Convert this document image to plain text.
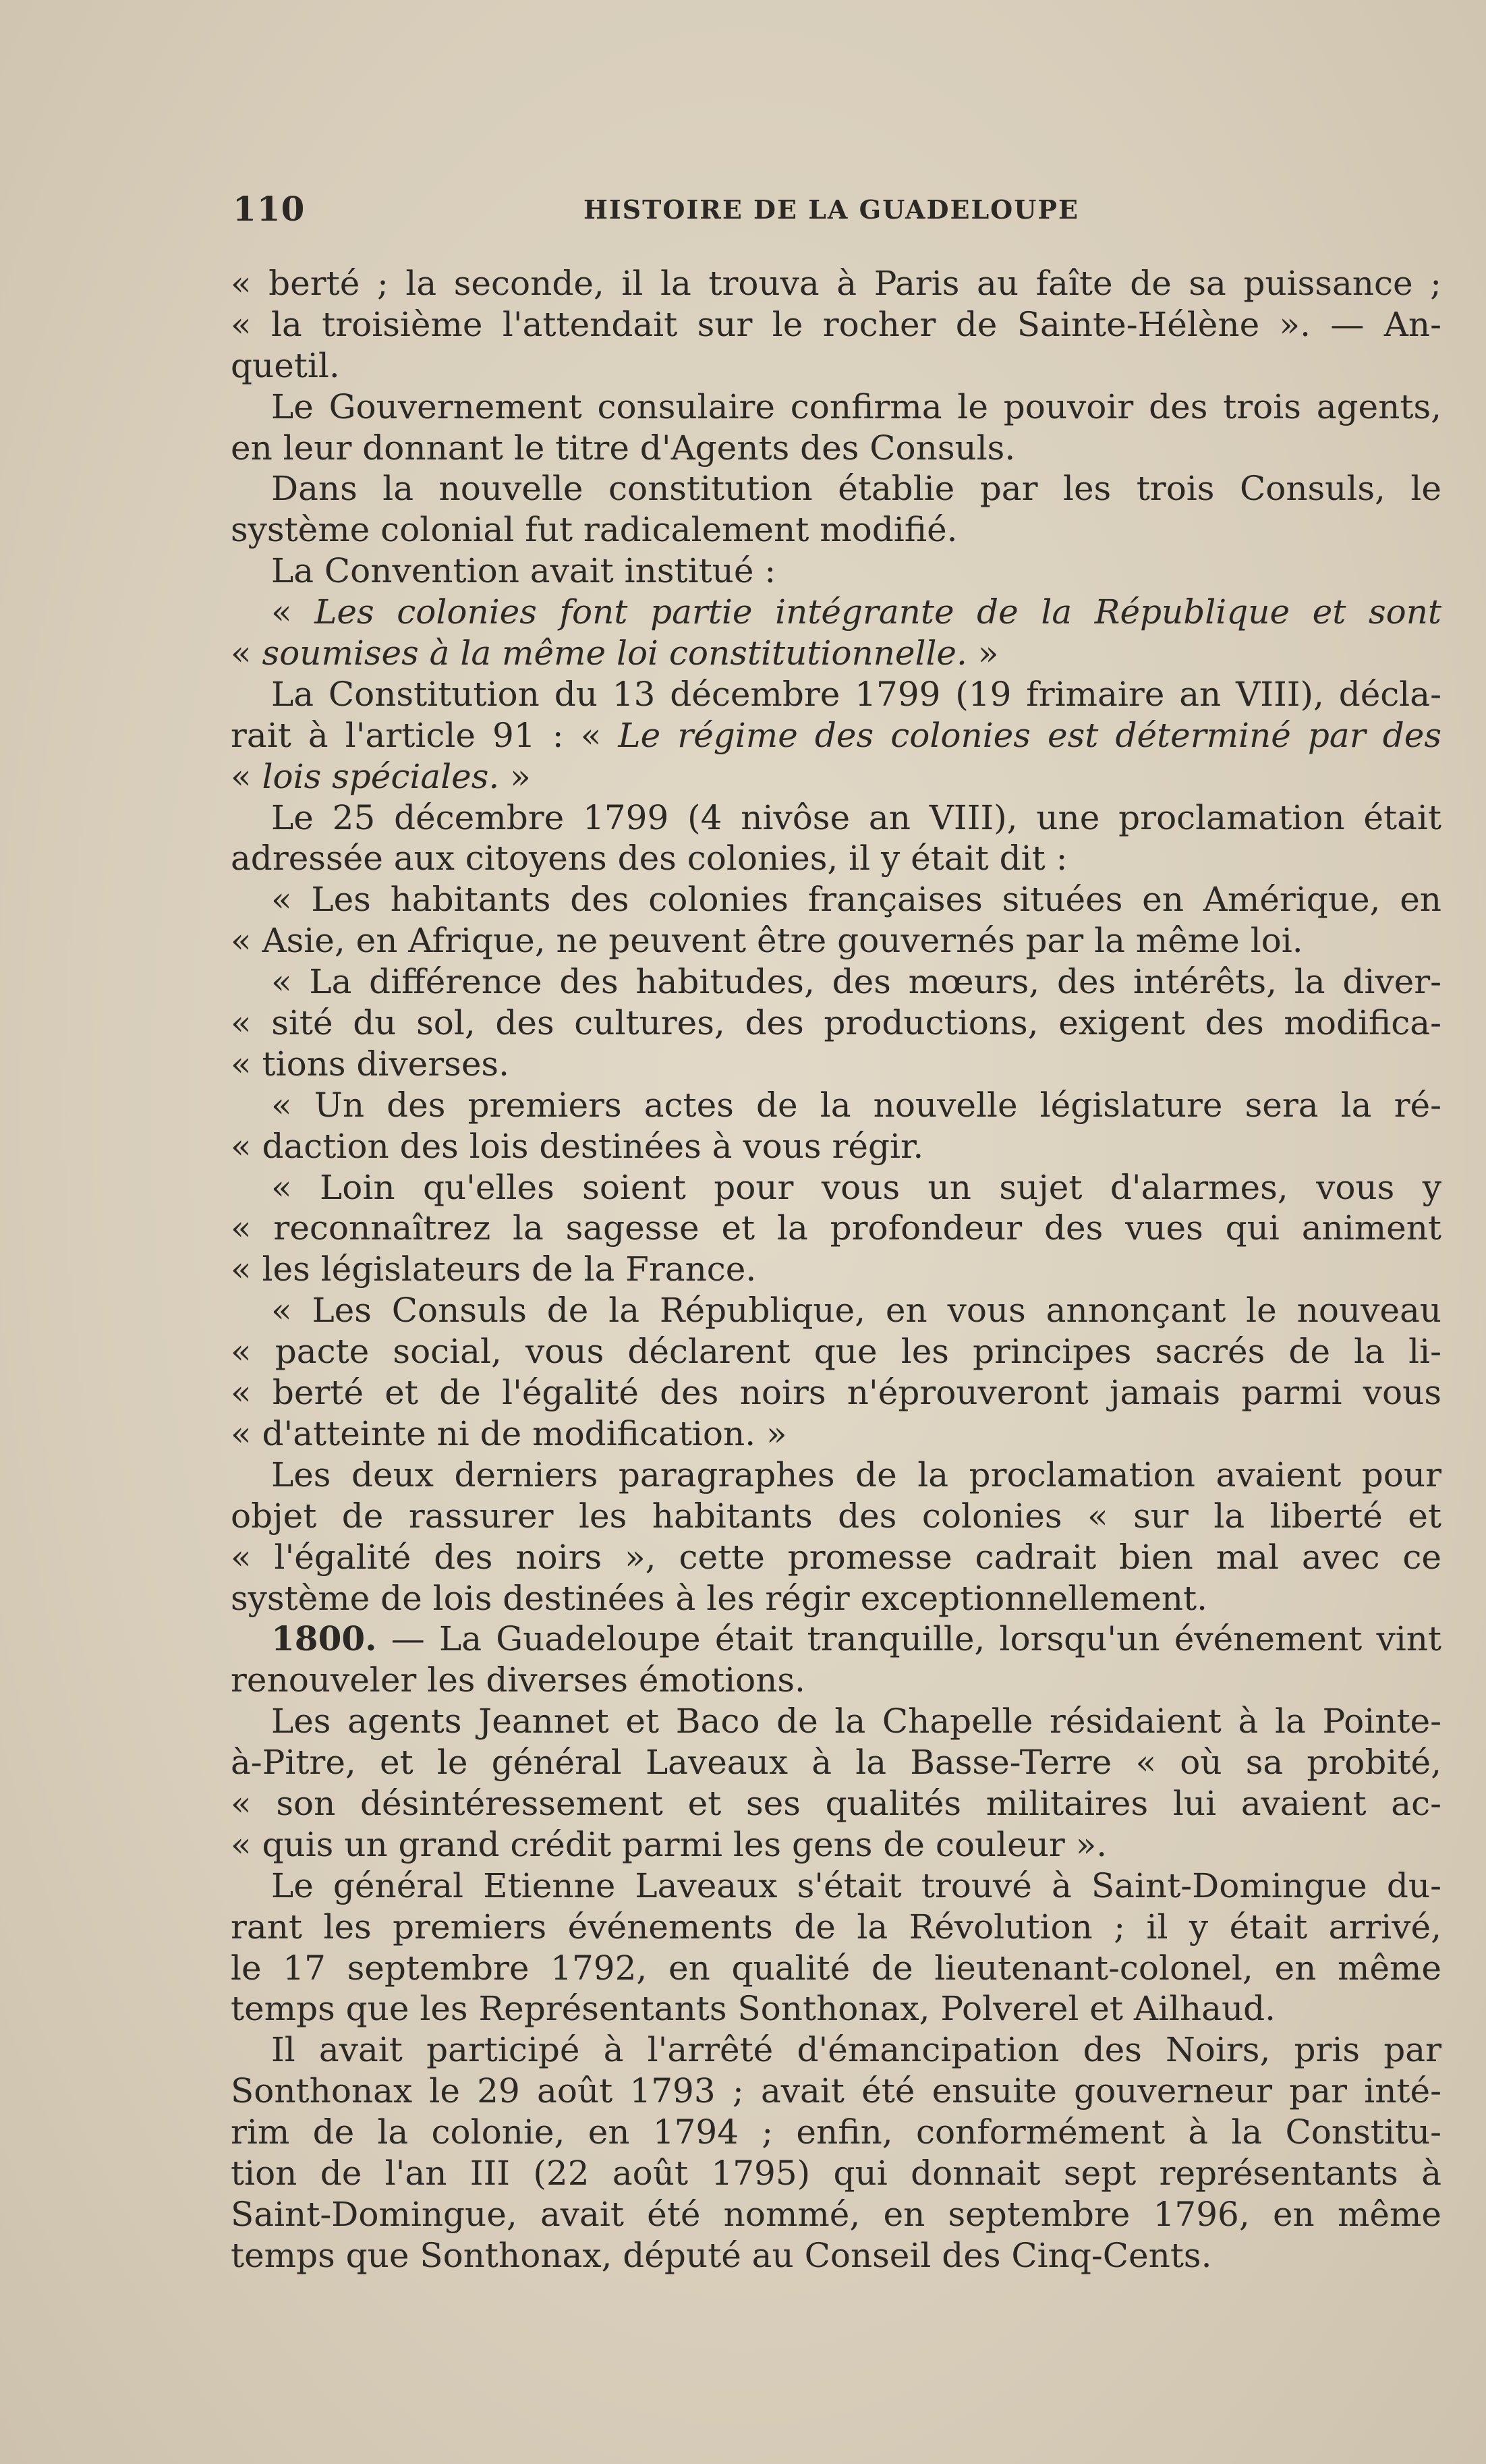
110	HISTOIRE DE LA GUADELOUPE
« berté ; la seconde, il la trouva à Paris au faîte de sa puissance ;
« la troisième l'attendait sur le rocher de Sainte-Hélène ». — An-
quetil.
Le Gouvernement consulaire confirma le pouvoir des trois agents,
en leur donnant le titre d'Agents des Consuls.
Dans la nouvelle constitution établie par les trois Consuls, le
système colonial fut radicalement modifié.
La Convention avait institué :
« Les colonies font partie intégrante de la République et sont
« soumises à la même loi constitutionnelle. »
La Constitution du 13 décembre 1799 (19 frimaire an VIII), décla-
rait à l'article 91 : « Le régime des colonies est déterminé par des
« lois spéciales. »
Le 25 décembre 1799 (4 nivôse an VIII), une proclamation était
adressée aux citoyens des colonies, il y était dit :
« Les habitants des colonies françaises situées en Amérique, en
« Asie, en Afrique, ne peuvent être gouvernés par la même loi.
« La différence des habitudes, des mœurs, des intérêts, la diver-
« sité du sol, des cultures, des productions, exigent des modifica-
« tions diverses.
« Un des premiers actes de la nouvelle législature sera la ré-
« daction des lois destinées à vous régir.
« Loin qu'elles soient pour vous un sujet d'alarmes, vous y
« reconnaîtrez la sagesse et la profondeur des vues qui animent
« les législateurs de la France.
« Les Consuls de la République, en vous annonçant le nouveau
« pacte social, vous déclarent que les principes sacrés de la li-
« berté et de l'égalité des noirs n'éprouveront jamais parmi vous
« d'atteinte ni de modification. »
Les deux derniers paragraphes de la proclamation avaient pour
objet de rassurer les habitants des colonies « sur la liberté et
« l'égalité des noirs », cette promesse cadrait bien mal avec ce
système de lois destinées à les régir exceptionnellement.
1800. — La Guadeloupe était tranquille, lorsqu'un événement vint
renouveler les diverses émotions.
Les agents Jeannet et Baco de la Chapelle résidaient à la Pointe-
à-Pitre, et le général Laveaux à la Basse-Terre « où sa probité,
« son désintéressement et ses qualités militaires lui avaient ac-
« quis un grand crédit parmi les gens de couleur ».
Le général Etienne Laveaux s'était trouvé à Saint-Domingue du-
rant les premiers événements de la Révolution ; il y était arrivé,
le 17 septembre 1792, en qualité de lieutenant-colonel, en même
temps que les Représentants Sonthonax, Polverel et Ailhaud.
Il avait participé à l'arrêté d'émancipation des Noirs, pris par
Sonthonax le 29 août 1793 ; avait été ensuite gouverneur par inté-
rim de la colonie, en 1794 ; enfin, conformément à la Constitu-
tion de l'an III (22 août 1795) qui donnait sept représentants à
Saint-Domingue, avait été nommé, en septembre 1796, en même
temps que Sonthonax, député au Conseil des Cinq-Cents.
